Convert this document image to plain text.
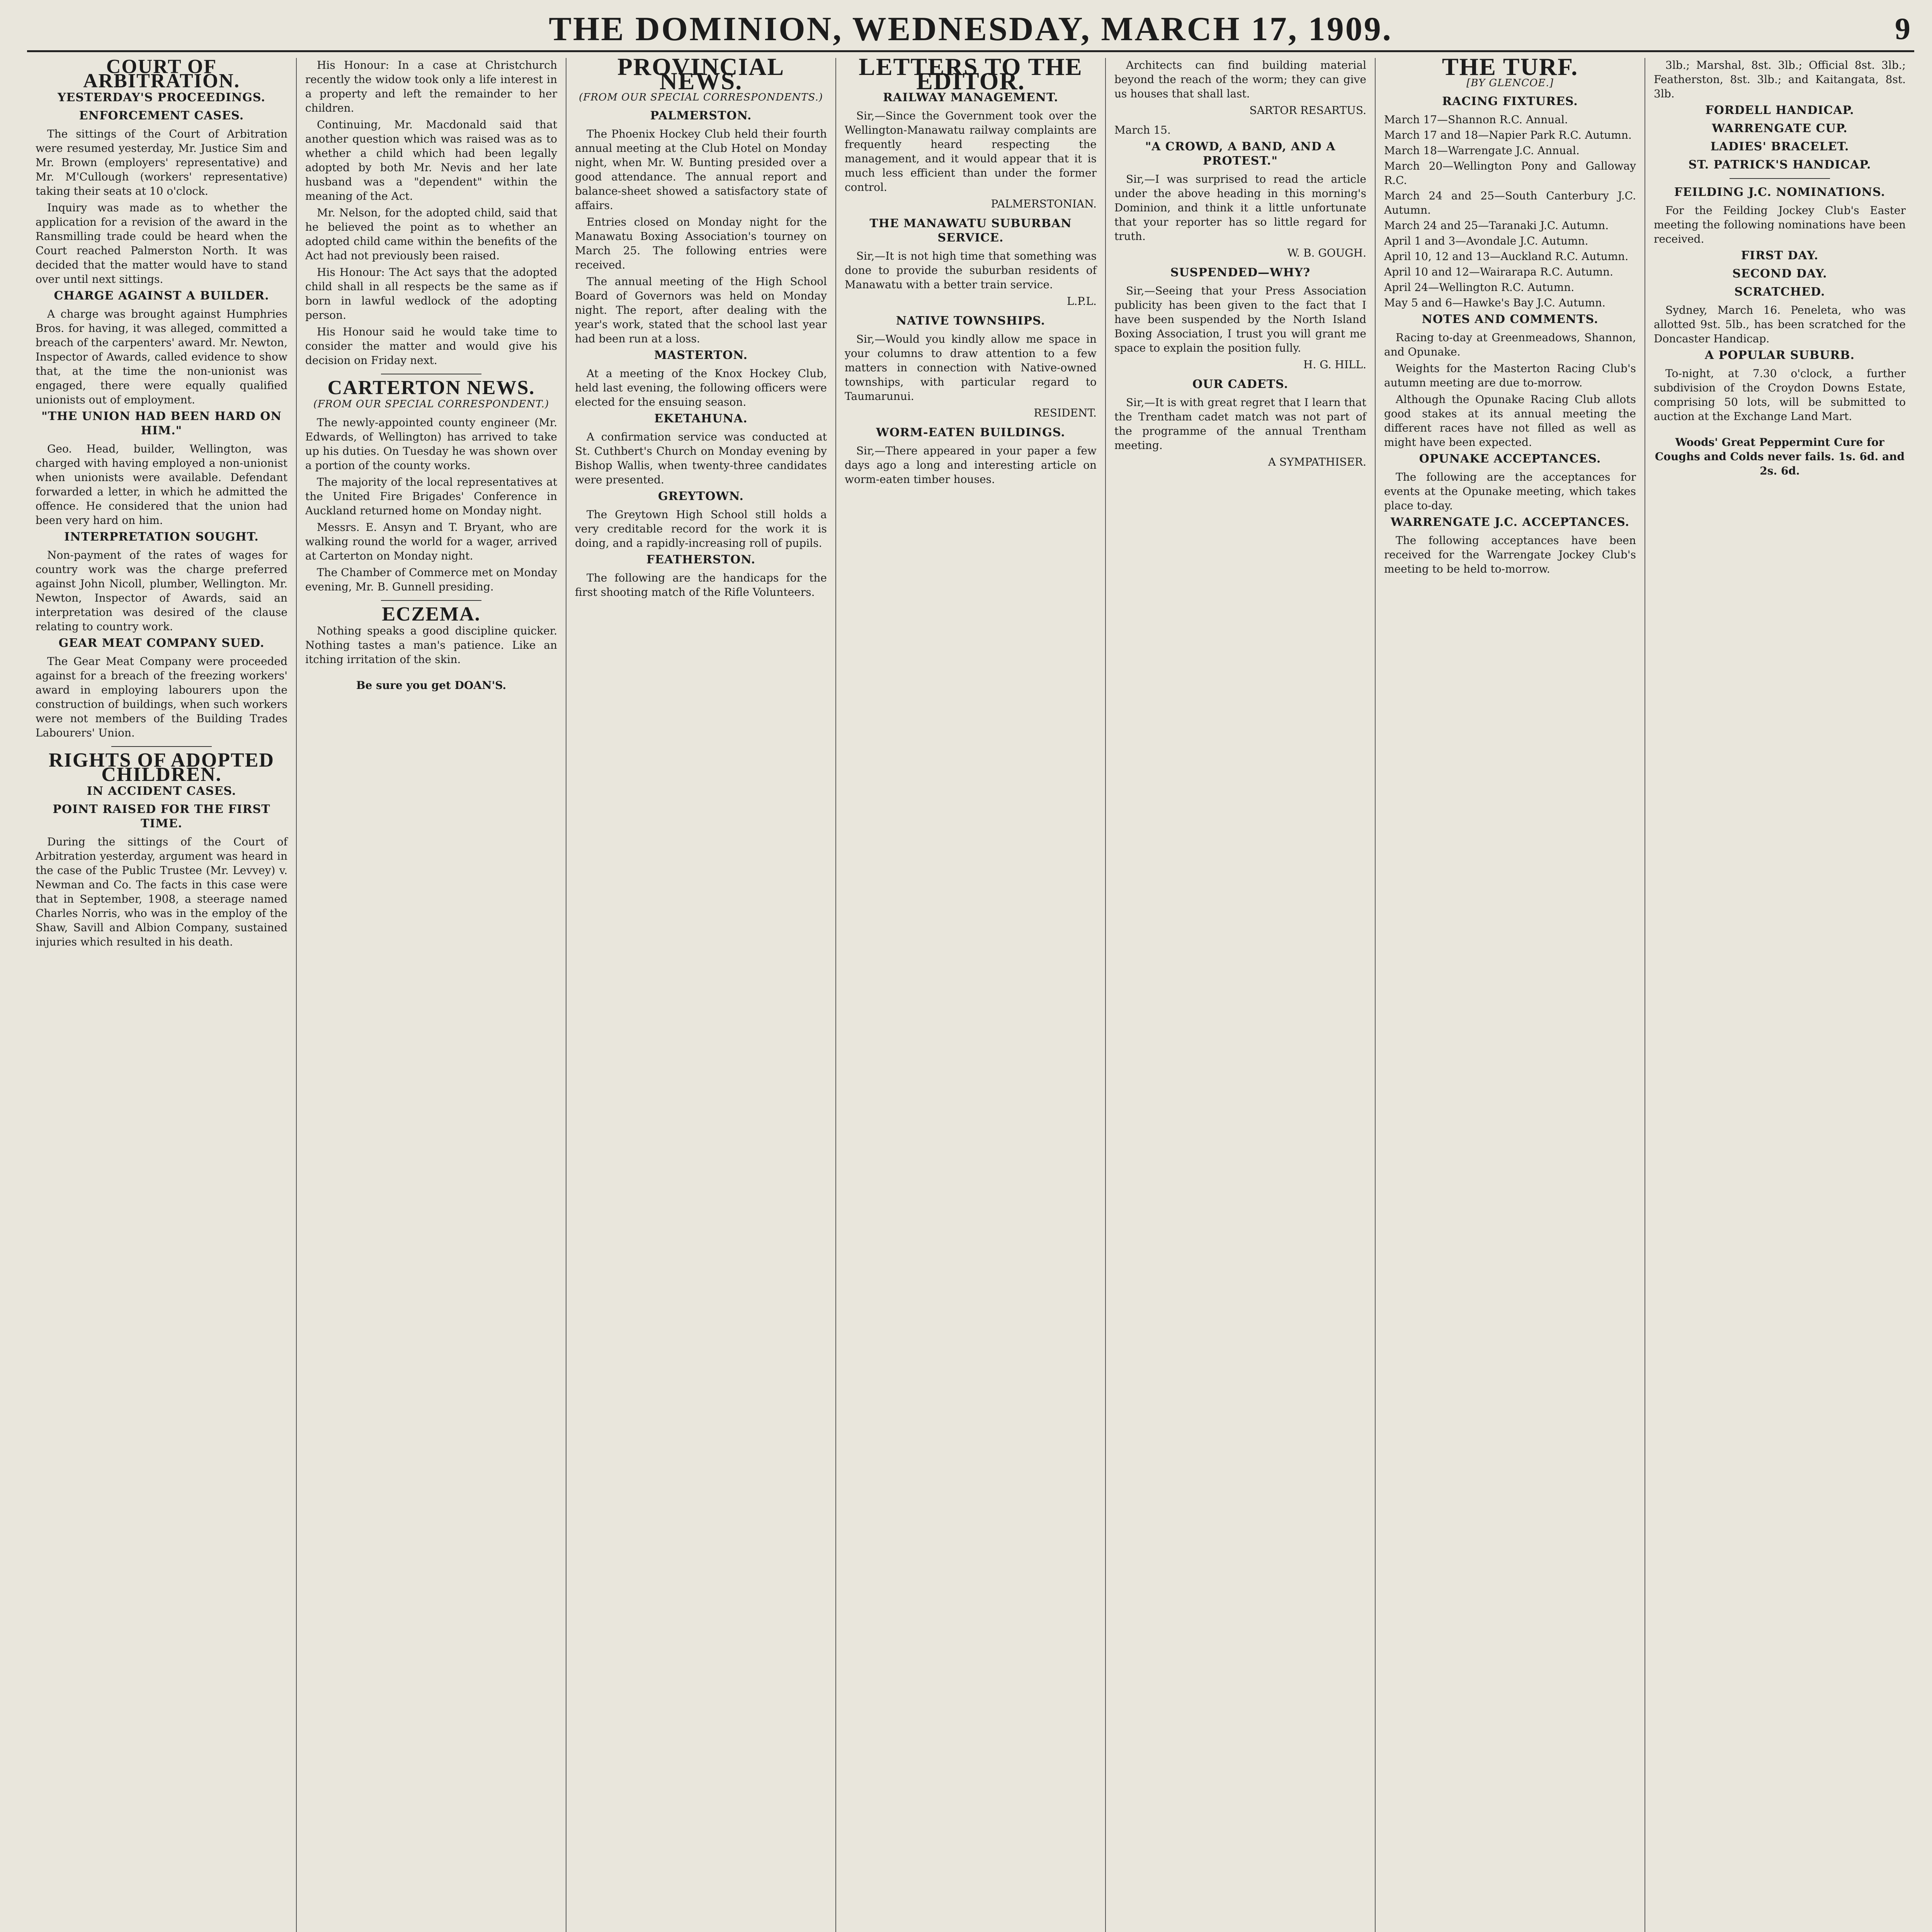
THE DOMINION, WEDNESDAY, MARCH 17, 1909.	9
COURT OF ARBITRATION.
YESTERDAY'S PROCEEDINGS.
ENFORCEMENT CASES.

The sittings of the Court of Arbitration were resumed yesterday, Mr. Justice Sim and Mr. Brown (employers' representative) and Mr. M'Cullough (workers' representative) taking their seats at 10 o'clock.

Inquiry was made as to whether the application for a revision of the award in the Ransmilling trade could be heard when the Court reached Palmerston North. It was decided that the matter would have to stand over until next sittings.

CHARGE AGAINST A BUILDER.

A charge was brought against Humphries Bros. for having, it was alleged, committed a breach of the carpenters' award. Mr. Newton, Inspector of Awards, called evidence to show that, at the time the non-unionist was engaged, there were equally qualified unionists out of employment.

"THE UNION HAD BEEN HARD ON HIM."

Geo. Head, builder, Wellington, was charged with having employed a non-unionist when unionists were available. Defendant forwarded a letter, in which he admitted the offence. He considered that the union had been very hard on him.

INTERPRETATION SOUGHT.

Non-payment of the rates of wages for country work was the charge preferred against John Nicoll, plumber, Wellington. Mr. Newton, Inspector of Awards, said an interpretation was desired of the clause relating to country work.

GEAR MEAT COMPANY SUED.

The Gear Meat Company were proceeded against for a breach of the freezing workers' award in employing labourers upon the construction of buildings, when such workers were not members of the Building Trades Labourers' Union.

RIGHTS OF ADOPTED CHILDREN.
IN ACCIDENT CASES.
POINT RAISED FOR THE FIRST TIME.

During the sittings of the Court of Arbitration yesterday, argument was heard in the case of the Public Trustee (Mr. Levvey) v. Newman and Co. The facts in this case were that in September, 1908, a steerage named Charles Norris, who was in the employ of the Shaw, Savill and Albion Company, sustained injuries which resulted in his death.

His Honour: In a case at Christchurch recently the widow took only a life interest in a property and left the remainder to her children.

Continuing, Mr. Macdonald said that another question which was raised was as to whether a child which had been legally adopted by both Mr. Nevis and her late husband was a "dependent" within the meaning of the Act.

Mr. Nelson, for the adopted child, said that he believed the point as to whether an adopted child came within the benefits of the Act had not previously been raised.

His Honour: The Act says that the adopted child shall in all respects be the same as if born in lawful wedlock of the adopting person.

His Honour said he would take time to consider the matter and would give his decision on Friday next.

CARTERTON NEWS.
(FROM OUR SPECIAL CORRESPONDENT.)

The newly-appointed county engineer (Mr. Edwards, of Wellington) has arrived to take up his duties. On Tuesday he was shown over a portion of the county works.

The majority of the local representatives at the United Fire Brigades' Conference in Auckland returned home on Monday night.

Messrs. E. Ansyn and T. Bryant, who are walking round the world for a wager, arrived at Carterton on Monday night.

The Chamber of Commerce met on Monday evening, Mr. B. Gunnell presiding.

ECZEMA.

Nothing speaks a good discipline quicker. Nothing tastes a man's patience. Like an itching irritation of the skin.

Be sure you get DOAN'S.
PROVINCIAL NEWS.
(FROM OUR SPECIAL CORRESPONDENTS.)
PALMERSTON.

The Phoenix Hockey Club held their fourth annual meeting at the Club Hotel on Monday night, when Mr. W. Bunting presided over a good attendance. The annual report and balance-sheet showed a satisfactory state of affairs.

Entries closed on Monday night for the Manawatu Boxing Association's tourney on March 25. The following entries were received.

The annual meeting of the High School Board of Governors was held on Monday night. The report, after dealing with the year's work, stated that the school last year had been run at a loss.

MASTERTON.

At a meeting of the Knox Hockey Club, held last evening, the following officers were elected for the ensuing season.

EKETAHUNA.

A confirmation service was conducted at St. Cuthbert's Church on Monday evening by Bishop Wallis, when twenty-three candidates were presented.

GREYTOWN.

The Greytown High School still holds a very creditable record for the work it is doing, and a rapidly-increasing roll of pupils.

FEATHERSTON.

The following are the handicaps for the first shooting match of the Rifle Volunteers.

LETTERS TO THE EDITOR.
RAILWAY MANAGEMENT.

Sir,—Since the Government took over the Wellington-Manawatu railway complaints are frequently heard respecting the management, and it would appear that it is much less efficient than under the former control.

PALMERSTONIAN.
THE MANAWATU SUBURBAN SERVICE.

Sir,—It is not high time that something was done to provide the suburban residents of Manawatu with a better train service.

L.P.L.
NATIVE TOWNSHIPS.

Sir,—Would you kindly allow me space in your columns to draw attention to a few matters in connection with Native-owned townships, with particular regard to Taumarunui.

RESIDENT.
WORM-EATEN BUILDINGS.

Sir,—There appeared in your paper a few days ago a long and interesting article on worm-eaten timber houses.

Architects can find building material beyond the reach of the worm; they can give us houses that shall last.

SARTOR RESARTUS.
March 15.
"A CROWD, A BAND, AND A PROTEST."

Sir,—I was surprised to read the article under the above heading in this morning's Dominion, and think it a little unfortunate that your reporter has so little regard for truth.

W. B. GOUGH.
SUSPENDED—WHY?

Sir,—Seeing that your Press Association publicity has been given to the fact that I have been suspended by the North Island Boxing Association, I trust you will grant me space to explain the position fully.

H. G. HILL.
OUR CADETS.

Sir,—It is with great regret that I learn that the Trentham cadet match was not part of the programme of the annual Trentham meeting.

A SYMPATHISER.
THE TURF.
[BY GLENCOE.]
RACING FIXTURES.
March 17—Shannon R.C. Annual.
March 17 and 18—Napier Park R.C. Autumn.
March 18—Warrengate J.C. Annual.
March 20—Wellington Pony and Galloway R.C.
March 24 and 25—South Canterbury J.C. Autumn.
March 24 and 25—Taranaki J.C. Autumn.
April 1 and 3—Avondale J.C. Autumn.
April 10, 12 and 13—Auckland R.C. Autumn.
April 10 and 12—Wairarapa R.C. Autumn.
April 24—Wellington R.C. Autumn.
May 5 and 6—Hawke's Bay J.C. Autumn.
NOTES AND COMMENTS.

Racing to-day at Greenmeadows, Shannon, and Opunake.

Weights for the Masterton Racing Club's autumn meeting are due to-morrow.

Although the Opunake Racing Club allots good stakes at its annual meeting the different races have not filled as well as might have been expected.

OPUNAKE ACCEPTANCES.

The following are the acceptances for events at the Opunake meeting, which takes place to-day.

WARRENGATE J.C. ACCEPTANCES.

The following acceptances have been received for the Warrengate Jockey Club's meeting to be held to-morrow.

3lb.; Marshal, 8st. 3lb.; Official 8st. 3lb.; Featherston, 8st. 3lb.; and Kaitangata, 8st. 3lb.

FORDELL HANDICAP.
WARRENGATE CUP.
LADIES' BRACELET.
ST. PATRICK'S HANDICAP.
FEILDING J.C. NOMINATIONS.

For the Feilding Jockey Club's Easter meeting the following nominations have been received.

FIRST DAY.
SECOND DAY.
SCRATCHED.

Sydney, March 16. Peneleta, who was allotted 9st. 5lb., has been scratched for the Doncaster Handicap.

A POPULAR SUBURB.

To-night, at 7.30 o'clock, a further subdivision of the Croydon Downs Estate, comprising 50 lots, will be submitted to auction at the Exchange Land Mart.

Woods' Great Peppermint Cure for Coughs and Colds never fails. 1s. 6d. and 2s. 6d.
